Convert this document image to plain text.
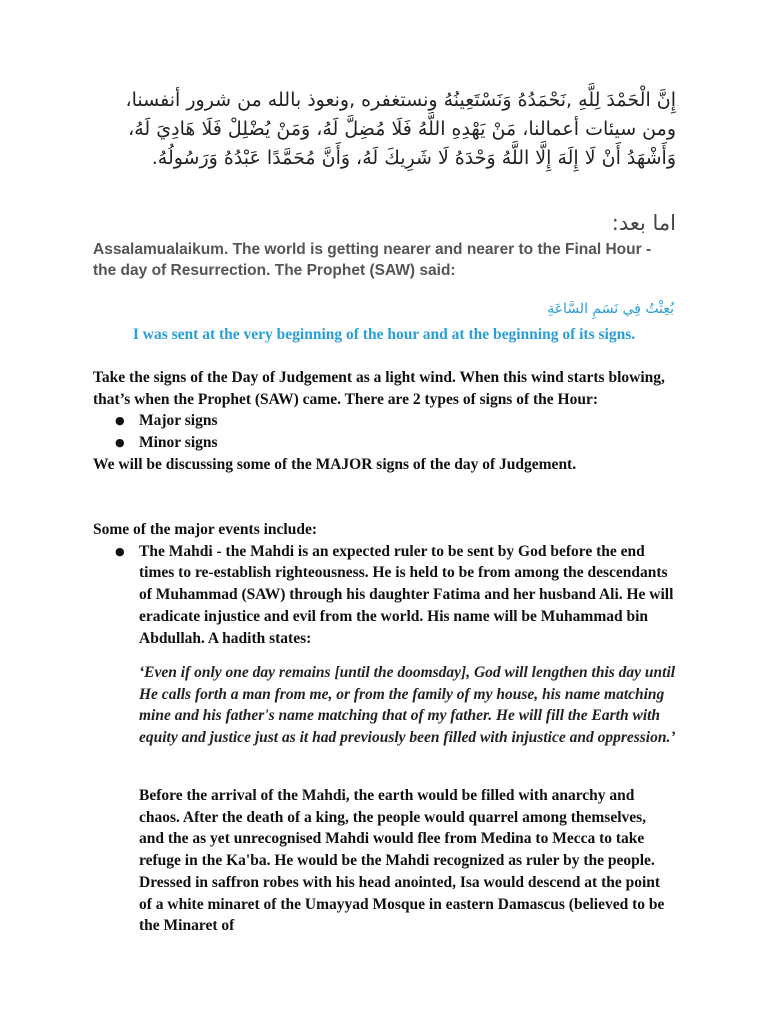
إِنَّ الْحَمْدَ لِلَّهِ ,نَحْمَدُهُ وَنَسْتَعِينُهُ ونستغفره ,ونعوذ بالله من شرور أنفسنا،
ومن سيئات أعمالنا، مَنْ يَهْدِهِ اللَّهُ فَلَا مُضِلَّ لَهُ، وَمَنْ يُضْلِلْ فَلَا هَادِيَ لَهُ،
وَأَشْهَدُ أَنْ لَا إِلَهَ إِلَّا اللَّهُ وَحْدَهُ لَا شَرِيكَ لَهُ، وَأَنَّ مُحَمَّدًا عَبْدُهُ وَرَسُولُهُ.
اما بعد:
Assalamualaikum. The world is getting nearer and nearer to the Final Hour - the day of Resurrection. The Prophet (SAW) said:
بُعِثْتُ فِي نَسَمِ السَّاعَةِ
I was sent at the very beginning of the hour and at the beginning of its signs.
Take the signs of the Day of Judgement as a light wind. When this wind starts blowing, that’s when the Prophet (SAW) came. There are 2 types of signs of the Hour:
● Major signs
● Minor signs
We will be discussing some of the MAJOR signs of the day of Judgement.
Some of the major events include:
● The Mahdi - the Mahdi is an expected ruler to be sent by God before the end times to re-establish righteousness. He is held to be from among the descendants of Muhammad (SAW) through his daughter Fatima and her husband Ali. He will eradicate injustice and evil from the world. His name will be Muhammad bin Abdullah. A hadith states:
‘Even if only one day remains [until the doomsday], God will lengthen this day until He calls forth a man from me, or from the family of my house, his name matching mine and his father's name matching that of my father. He will fill the Earth with equity and justice just as it had previously been filled with injustice and oppression.’
Before the arrival of the Mahdi, the earth would be filled with anarchy and chaos. After the death of a king, the people would quarrel among themselves, and the as yet unrecognised Mahdi would flee from Medina to Mecca to take refuge in the Ka'ba. He would be the Mahdi recognized as ruler by the people. Dressed in saffron robes with his head anointed, Isa would descend at the point of a white minaret of the Umayyad Mosque in eastern Damascus (believed to be the Minaret of
